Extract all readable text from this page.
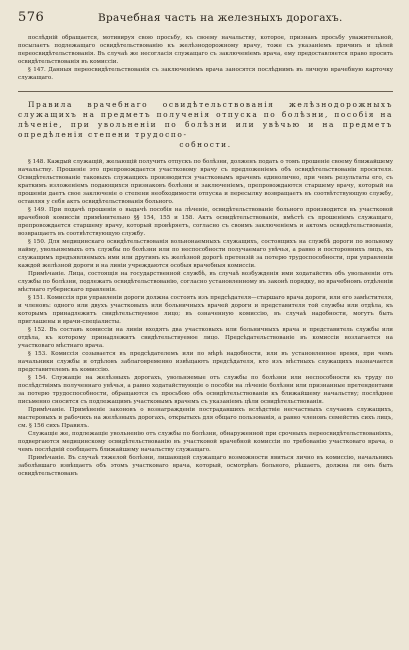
576	Врачебная часть на железныхъ дорогахъ.

послѣдній обращается, мотивируя свою просьбу, къ своему начальству, которое, признавъ просьбу уважительной, посылаетъ подлежащаго освидѣтельствованію къ желѣзнодорожному врачу, тоже съ указаніемъ причинъ и цѣлей переосвидѣтельствованія. Въ случаѣ же несогласія служащаго съ заключеніемъ врача, ему предоставляется право просить освидѣтельствованія въ комиссіи.

§ 147. Данныя переосвидѣтельствованія съ заключеніемъ врача заносятся послѣднимъ въ личную врачебную карточку служащаго.

Правила врачебнаго освидѣтельствованія желѣзнодорожныхъ служащихъ на предметъ полученія отпуска по болѣзни, пособія на лѣченіе, при увольненіи по болѣзни или увѣчью и на предметъ опредѣленія степени трудоспо-
собности.

§ 148. Каждый служащій, желающій получить отпускъ по болѣзни, долженъ подать о томъ прошеніе своему ближайшему начальству. Прошеніе это препровождается участковому врачу съ предложеніемъ объ освидѣтельствованіи просителя. Освидѣтельствованіе таковыхъ служащихъ производится участковымъ врачемъ единолично, при чемъ результаты его, съ краткимъ изложеніемъ подающихся признаковъ болѣзни и заключеніемъ, препровождаются старшему врачу, который на прошеніи даетъ свое заключеніе о степени необходимости отпуска и пересылку возвращаетъ въ соотвѣтствующую службу, оставляя у себя актъ освидѣтельствованія больного.

§ 149. При подачѣ прошенія о выдачѣ пособія на лѣченіе, освидѣтельствованіе больного производится въ участковой врачебной комиссіи примѣнительно §§ 154, 155 и 158. Актъ освидѣтельствованія, вмѣстѣ съ прошеніемъ служащаго, препровождается старшему врачу, который провѣряетъ, согласно съ своимъ заключеніемъ и актомъ освидѣтельствованія, возвращаетъ въ соотвѣтствующую службу.

§ 150. Для медицинскаго освидѣтельствованія вольнонаемныхъ служащихъ, состоящихъ на службѣ дороги по вольному найму, увольняемыхъ отъ службы по болѣзни или по неспособности получаемаго увѣчья, а равно и постороннихъ лицъ, къ служащимъ предъявляемыхъ ими или другимъ къ желѣзной дорогѣ претензій за потерю трудоспособности, при управленіи каждой желѣзной дороги и на линіи учреждаются особыя врачебныя комиссіи.

Примѣчаніе. Лица, состоящія на государственной службѣ, въ случаѣ возбужденія ими ходатайствъ объ увольненіи отъ службы по болѣзни, подлежатъ освидѣтельствованію, согласно установленному въ законѣ порядку, во врачебномъ отдѣленіи мѣстнаго губернскаго правленія.

§ 151. Комиссія при управленіи дороги должна состоять изъ предсѣдателя—старшаго врача дороги, или его замѣстителя, и членовъ: одного или двухъ участковыхъ или больничныхъ врачей дороги и представителя той службы или отдѣла, къ которымъ принадлежитъ свидѣтельствуемое лицо; въ означенную комиссію, въ случаѣ надобности, могутъ быть приглашены и врачи-спеціалисты.

§ 152. Въ составъ комиссіи на линіи входятъ два участковыхъ или больничныхъ врача и представитель службы или отдѣла, къ которому принадлежитъ свидѣтельствуемое лицо. Предсѣдательствованіе въ комиссіи возлагается на участковаго мѣстнаго врача.

§ 153. Комиссія созывается въ предсѣдателемъ или по мѣрѣ надобности, или въ установленное время, при чемъ начальники службы и отдѣловъ заблаговременно извѣщаютъ предсѣдателя, кто изъ мѣстныхъ служащихъ назначается представителемъ въ комиссію.

§ 154. Служащіе на желѣзныхъ дорогахъ, увольняемые отъ службы по болѣзни или неспособности къ труду по послѣдствіямъ полученнаго увѣчья, а равно ходатайствующіе о пособіи на лѣченіе болѣзни или признанные претендентами за потерю трудоспособности, обращаются съ просьбою объ освидѣтельствованіи къ ближайшему начальству; послѣднее письменно сносится съ подлежащимъ участковымъ врачемъ съ указаніемъ цѣли освидѣтельствованія.

Примѣчаніе. Примѣненіе законовъ о вознагражденіи пострадавшихъ вслѣдствіе несчастныхъ случаевъ служащихъ, мастеровыхъ и рабочихъ на желѣзныхъ дорогахъ, открытыхъ для общаго пользованія, а равно членовъ семействъ сихъ лицъ, см. § 156 сихъ Правилъ.

Служащіе же, подлежащіе увольненію отъ службы по болѣзни, обнаруженной при срочныхъ переосвидѣтельствованіяхъ, подвергаются медицинскому освидѣтельствованію въ участковой врачебной комиссіи по требованію участковаго врача, о чемъ послѣдній сообщаетъ ближайшему начальству служащаго.

Примѣчаніе. Въ случаѣ тяжелой болѣзни, лишающей служащаго возможности явиться лично въ комиссію, начальникъ заболѣвшаго извѣщаетъ объ этомъ участковаго врача, который, осмотрѣвъ больного, рѣшаетъ, должна ли онъ быть освидѣтельствованъ
